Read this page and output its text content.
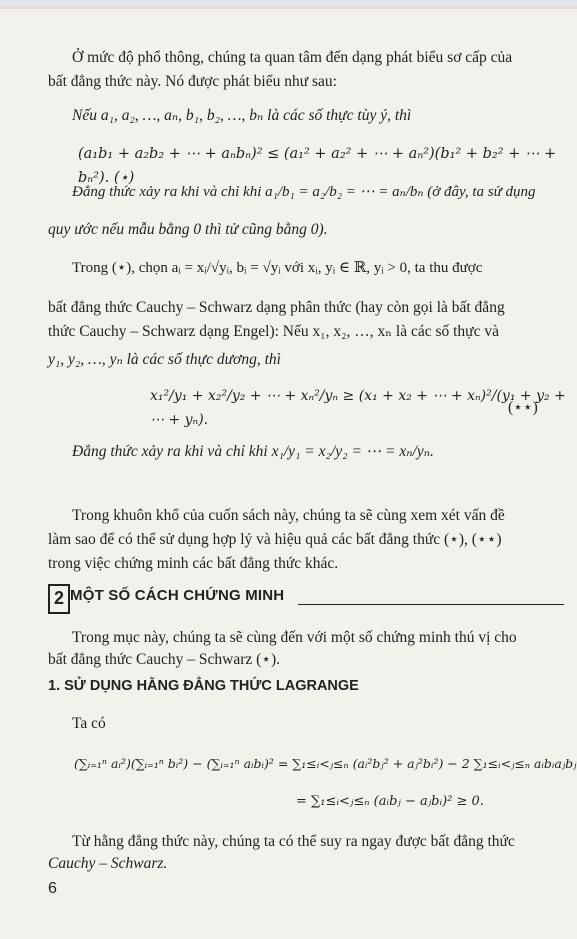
Ở mức độ phổ thông, chúng ta quan tâm đến dạng phát biểu sơ cấp của
bất đẳng thức này. Nó được phát biểu như sau:
Nếu a₁, a₂, …, aₙ, b₁, b₂, …, bₙ là các số thực tùy ý, thì
(a₁b₁ + a₂b₂ + ⋯ + aₙbₙ)² ≤ (a₁² + a₂² + ⋯ + aₙ²)(b₁² + b₂² + ⋯ + bₙ²). (⋆)
Đẳng thức xảy ra khi và chỉ khi a₁/b₁ = a₂/b₂ = ⋯ = aₙ/bₙ (ở đây, ta sử dụng
quy ước nếu mẫu bằng 0 thì tử cũng bằng 0).
Trong (⋆), chọn aᵢ = xᵢ/√yᵢ, bᵢ = √yᵢ với xᵢ, yᵢ ∈ ℝ, yᵢ > 0, ta thu được
bất đẳng thức Cauchy – Schwarz dạng phân thức (hay còn gọi là bất đẳng
thức Cauchy – Schwarz dạng Engel): Nếu x₁, x₂, …, xₙ là các số thực và
y₁, y₂, …, yₙ là các số thực dương, thì
x₁²/y₁ + x₂²/y₂ + ⋯ + xₙ²/yₙ ≥ (x₁ + x₂ + ⋯ + xₙ)²/(y₁ + y₂ + ⋯ + yₙ).
(⋆⋆)
Đẳng thức xảy ra khi và chỉ khi x₁/y₁ = x₂/y₂ = ⋯ = xₙ/yₙ.
Trong khuôn khổ của cuốn sách này, chúng ta sẽ cùng xem xét vấn đề
làm sao để có thể sử dụng hợp lý và hiệu quả các bất đẳng thức (⋆), (⋆⋆)
trong việc chứng minh các bất đẳng thức khác.
2 MỘT SỐ CÁCH CHỨNG MINH
Trong mục này, chúng ta sẽ cùng đến với một số chứng minh thú vị cho
bất đẳng thức Cauchy – Schwarz (⋆).
1. SỬ DỤNG HẰNG ĐẲNG THỨC LAGRANGE
Ta có
(∑ᵢ₌₁ⁿ aᵢ²)(∑ᵢ₌₁ⁿ bᵢ²) − (∑ᵢ₌₁ⁿ aᵢbᵢ)² = ∑₁≤ᵢ<ⱼ≤ₙ (aᵢ²bⱼ² + aⱼ²bᵢ²) − 2 ∑₁≤ᵢ<ⱼ≤ₙ aᵢbᵢaⱼbⱼ
= ∑₁≤ᵢ<ⱼ≤ₙ (aᵢbⱼ − aⱼbᵢ)² ≥ 0.
Từ hằng đẳng thức này, chúng ta có thể suy ra ngay được bất đẳng thức
Cauchy – Schwarz.
6
